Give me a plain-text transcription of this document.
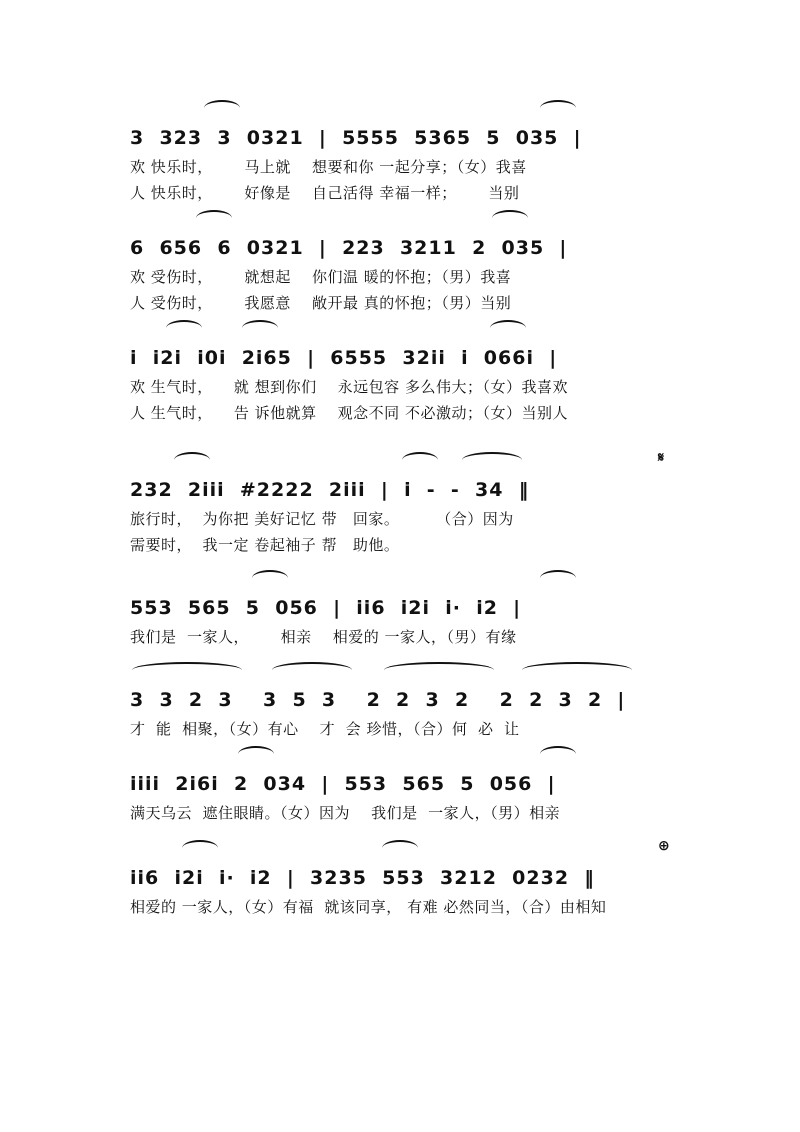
3  323  3  0321  |  5555  5365  5  035  |
欢 快乐时，      马上就    想要和你 一起分享；（女）我喜
人 快乐时，      好像是    自己活得 幸福一样；      当别
6  656  6  0321  |  223  3211  2  035  |
欢 受伤时，      就想起    你们温 暖的怀抱；（男）我喜
人 受伤时，      我愿意    敞开最 真的怀抱；（男）当别
i  i2i  i0i  2i65  |  6555  32ii  i  066i  |
欢 生气时，    就 想到你们    永远包容 多么伟大；（女）我喜欢
人 生气时，    告 诉他就算    观念不同 不必激动；（女）当别人
232  2iii  #2222  2iii  |  i  -  -  34  ‖
旅行时，  为你把 美好记忆 带   回家。       （合）因为
需要时，  我一定 卷起袖子 帮   助他。
𝄋
553  565  5  056  |  ii6  i2i  i·  i2  |
我们是  一家人，      相亲    相爱的 一家人，（男）有缘
3  3  2  3    3  5  3    2  2  3  2    2  2  3  2  |
才  能  相聚，（女）有心    才  会 珍惜，（合）何  必  让
iiii  2i6i  2  034  |  553  565  5  056  |
满天乌云  遮住眼睛。（女）因为    我们是  一家人，（男）相亲
ii6  i2i  i·  i2  |  3235  553  3212  0232  ‖
相爱的 一家人，（女）有福  就该同享， 有难 必然同当，（合）由相知
⊕
